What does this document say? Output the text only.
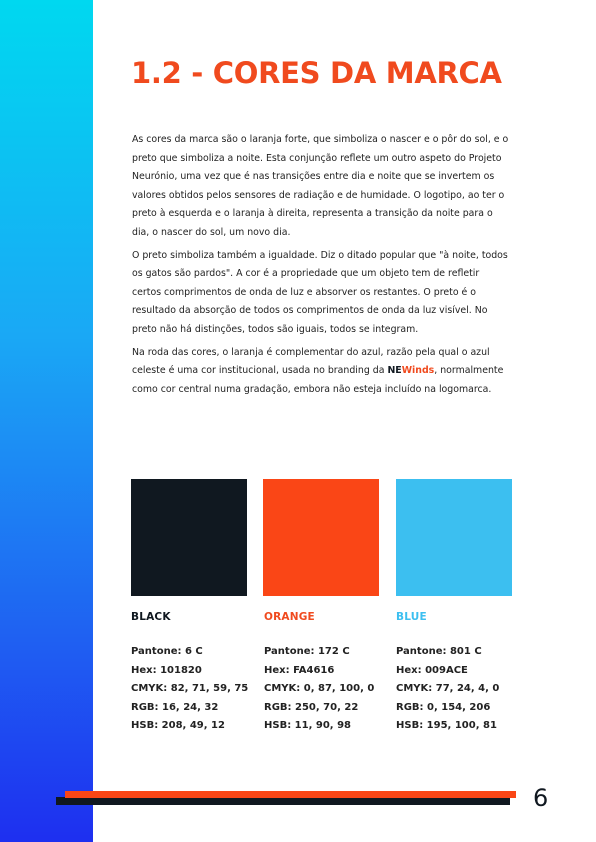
1.2 - CORES DA MARCA

As cores da marca são o laranja forte, que simboliza o nascer e o pôr do sol, e o preto que simboliza a noite. Esta conjunção reflete um outro aspeto do Projeto Neurónio, uma vez que é nas transições entre dia e noite que se invertem os valores obtidos pelos sensores de radiação e de humidade. O logotipo, ao ter o preto à esquerda e o laranja à direita, representa a transição da noite para o dia, o nascer do sol, um novo dia.

O preto simboliza também a igualdade. Diz o ditado popular que "à noite, todos os gatos são pardos". A cor é a propriedade que um objeto tem de refletir certos comprimentos de onda de luz e absorver os restantes. O preto é o resultado da absorção de todos os comprimentos de onda da luz visível. No preto não há distinções, todos são iguais, todos se integram.

Na roda das cores, o laranja é complementar do azul, razão pela qual o azul celeste é uma cor institucional, usada no branding da NEWinds, normalmente como cor central numa gradação, embora não esteja incluído na logomarca.

BLACK	ORANGE	BLUE
Pantone: 6 C
Hex: 101820
CMYK: 82, 71, 59, 75
RGB: 16, 24, 32
HSB: 208, 49, 12
Pantone: 172 C
Hex: FA4616
CMYK: 0, 87, 100, 0
RGB: 250, 70, 22
HSB: 11, 90, 98
Pantone: 801 C
Hex: 009ACE
CMYK: 77, 24, 4, 0
RGB: 0, 154, 206
HSB: 195, 100, 81
6
